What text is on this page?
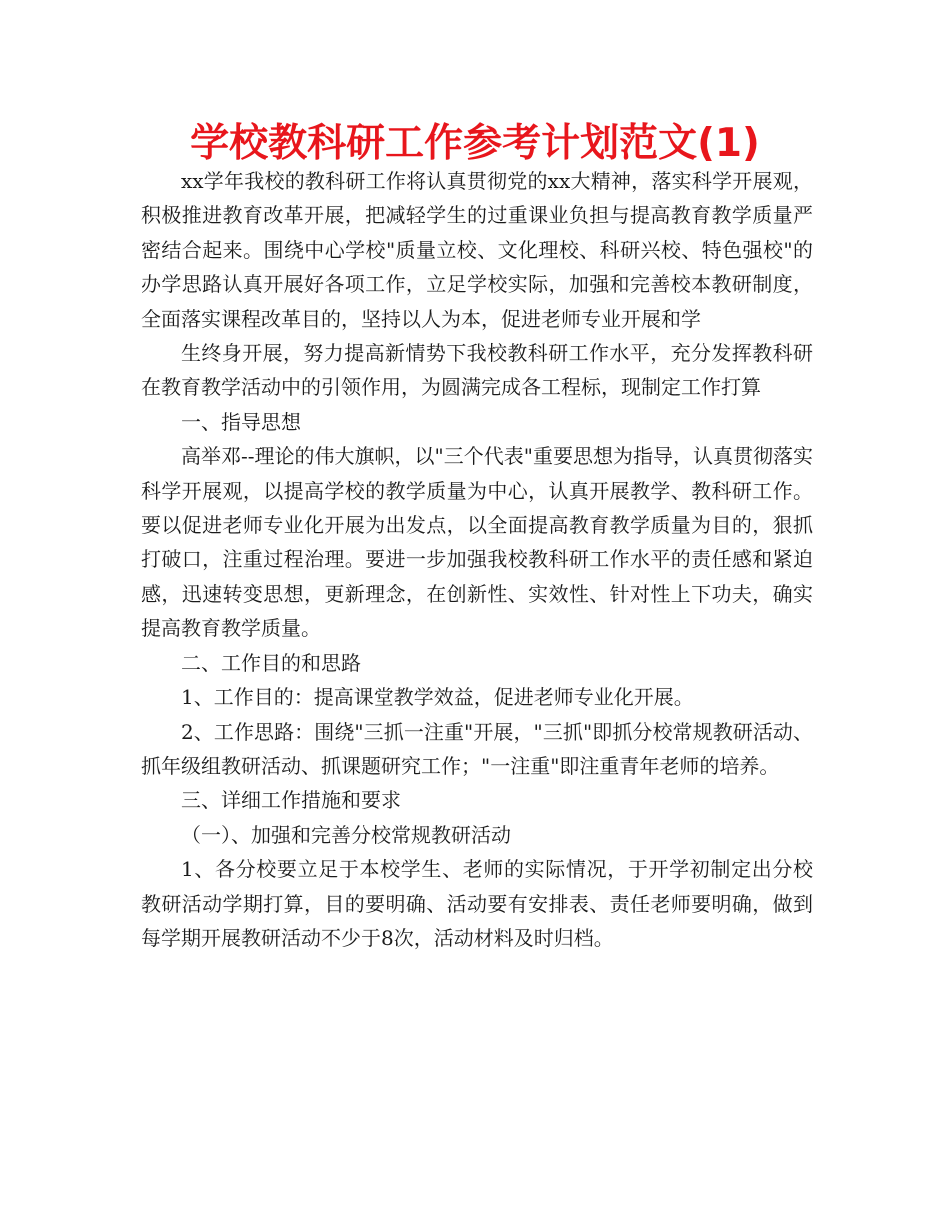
学校教科研工作参考计划范文(1)

xx学年我校的教科研工作将认真贯彻党的xx大精神，落实科学开展观，积极推进教育改革开展，把减轻学生的过重课业负担与提高教育教学质量严密结合起来。围绕中心学校"质量立校、文化理校、科研兴校、特色强校"的办学思路认真开展好各项工作，立足学校实际，加强和完善校本教研制度，全面落实课程改革目的，坚持以人为本，促进老师专业开展和学

生终身开展，努力提高新情势下我校教科研工作水平，充分发挥教科研在教育教学活动中的引领作用，为圆满完成各工程标，现制定工作打算

一、指导思想

高举邓--理论的伟大旗帜，以"三个代表"重要思想为指导，认真贯彻落实科学开展观，以提高学校的教学质量为中心，认真开展教学、教科研工作。要以促进老师专业化开展为出发点，以全面提高教育教学质量为目的，狠抓打破口，注重过程治理。要进一步加强我校教科研工作水平的责任感和紧迫感，迅速转变思想，更新理念，在创新性、实效性、针对性上下功夫，确实提高教育教学质量。

二、工作目的和思路

1、工作目的：提高课堂教学效益，促进老师专业化开展。

2、工作思路：围绕"三抓一注重"开展，"三抓"即抓分校常规教研活动、抓年级组教研活动、抓课题研究工作；"一注重"即注重青年老师的培养。

三、详细工作措施和要求

（一）、加强和完善分校常规教研活动

1、各分校要立足于本校学生、老师的实际情况，于开学初制定出分校教研活动学期打算，目的要明确、活动要有安排表、责任老师要明确，做到每学期开展教研活动不少于8次，活动材料及时归档。
